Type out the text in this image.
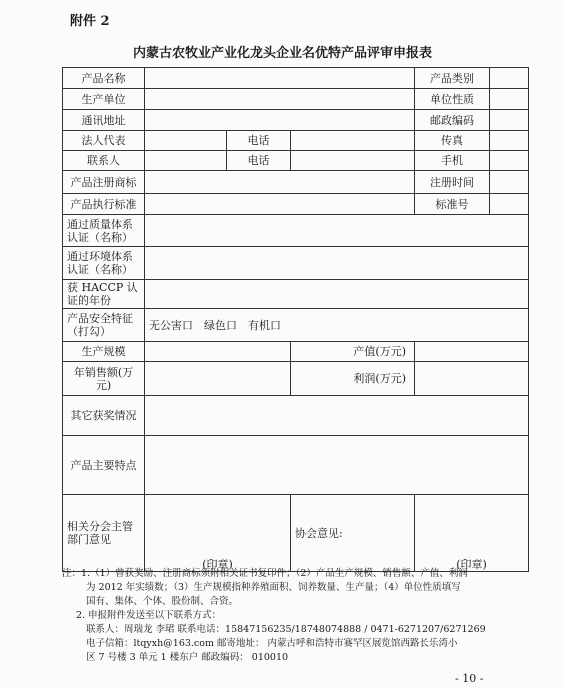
附件 2
内蒙古农牧业产业化龙头企业名优特产品评审申报表
产品名称				产品类别	
生产单位				单位性质	
通讯地址				邮政编码	
法人代表		电话		传真	
联系人		电话		手机	
产品注册商标				注册时间	
产品执行标准				标准号	
通过质量体系认证（名称）					
通过环境体系认证（名称）					
获 HACCP 认证的年份					
产品安全特征（打勾）	无公害口　绿色口　有机口				
生产规模			产值(万元)		
年销售额(万元)			利润(万元)		
其它获奖情况					
产品主要特点					
相关分会主管部门意见	(印章)		协会意见:	(印章)	

注：1.（1）曾获奖励、注册商标须附相关证书复印件；（2）产品生产规模、销售额、产值、利润

为 2012 年实绩数；（3）生产规模指种养殖面积、饲养数量、生产量；（4）单位性质填写

国有、集体、个体、股份制、合资。

2. 申报附件发送至以下联系方式：

联系人：周瑞龙 李珺 联系电话：15847156235/18748074888 / 0471-6271207/6271269

电子信箱：ltqyxh@163.com 邮寄地址： 内蒙古呼和浩特市赛罕区展览馆西路长乐湾小

区 7 号楼 3 单元 1 楼东户 邮政编码： 010010

- 10 -
